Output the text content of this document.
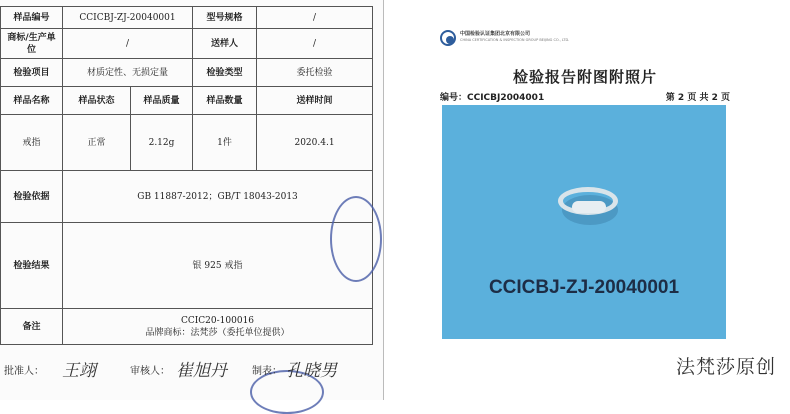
样品编号	CCICBJ-ZJ-20040001		型号规格	/
商标/生产单位	/		送样人	/
检验项目	材质定性、无损定量		检验类型	委托检验
样品名称	样品状态	样品质量	样品数量	送样时间
戒指	正常	2.12g	1件	2020.4.1
检验依据	GB 11887-2012；GB/T 18043-2013			
检验结果	银 925 戒指			
备注	CCIC20-100016
品牌商标：法梵莎（委托单位提供）			
批准人： 王翊	审核人： 崔旭丹	制表： 孔晓男
中国检验认证集团北京有限公司
CHINA CERTIFICATION & INSPECTION GROUP BEIJING CO., LTD.
检验报告附图附照片
编号：CCICBJ2004001	第 2 页 共 2 页
CCICBJ-ZJ-20040001
法梵莎原创
